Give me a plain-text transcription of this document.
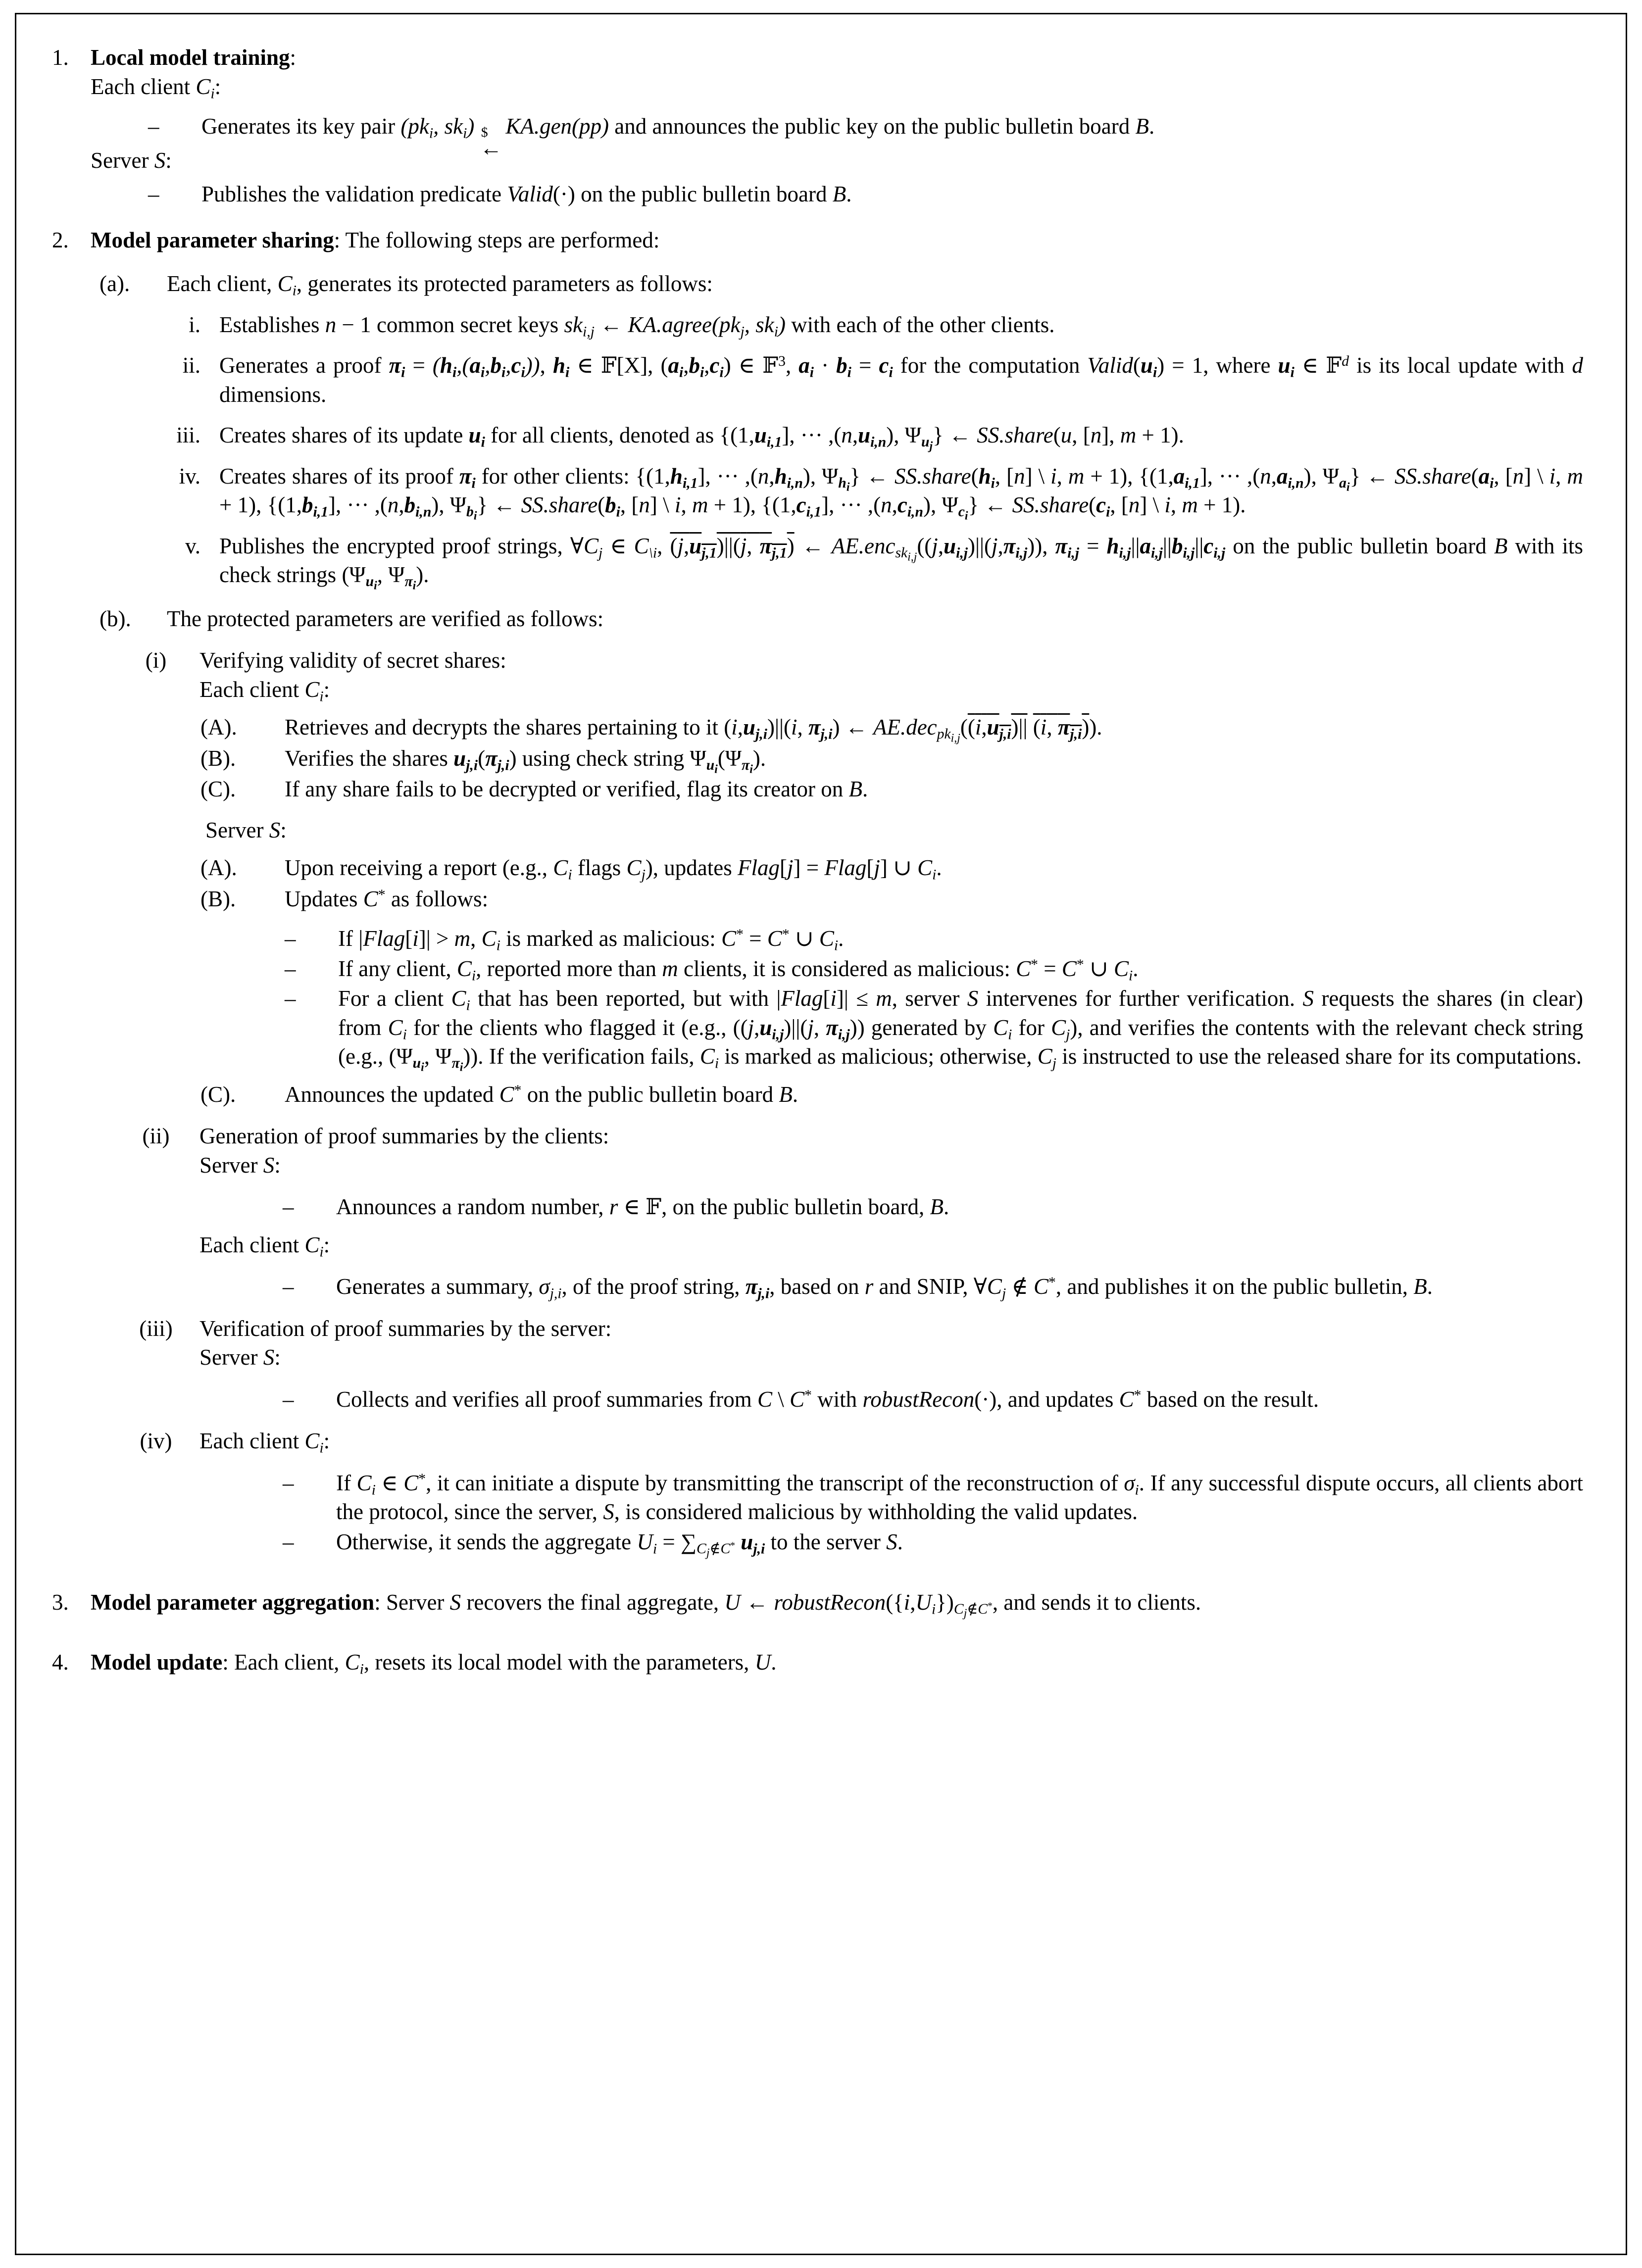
1. Local model training:
Each client $C_i$:
–	Generates its key pair ($pk_i$, $sk_i$) $
←
KA.gen(pp) and announces the public key on the public bulletin board B.
Server S:
–	Publishes the validation predicate Valid(·) on the public bulletin board B.
2. Model parameter sharing: The following steps are performed:
(a).	Each client, $C_i$, generates its protected parameters as follows:
i. Establishes n − 1 common secret keys $sk_{i,j}$ ← $KA.agree(pk_j$, $sk_i$) with each of the other clients.
ii. Generates a proof $\pi_i = (h_i,(a_i,b_i,c_i))$, $h_i$ ∈ 𝔽[X], $(a_i,b_i,c_i)$ ∈ 𝔽$^3$, $a_i \cdot b_i = c_i$ for the computation $Valid(u_i) = 1$, where $u_i$ ∈ 𝔽$^d$ is its local update with d dimensions.
iii. Creates shares of its update $u_i$ for all clients, denoted as {$(1,u_{i,1}]$, ··· $,(n,u_{i,n})$, $\Psi_{u_j}$} ← SS.share(u, [n], m + 1).
iv. Creates shares of its proof $\pi_i$ for other clients: {$(1,h_{i,1}]$, ··· $,(n,h_{i,n})$, $\Psi_{h_i}$} ← $SS.share(h_i$, [n] \ i, m + 1), {$(1,a_{i,1}]$, ··· $,(n,a_{i,n})$, $\Psi_{a_i}$} ← $SS.share(a_i$, [n] \ i, m + 1), {$(1,b_{i,1}]$, ··· $,(n,b_{i,n})$, $\Psi_{b_i}$} ← $SS.share(b_i$, [n] \ i, m + 1), {$(1,c_{i,1}]$, ··· $,(n,c_{i,n})$, $\Psi_{c_i}$} ← $SS.share(c_i$, [n] \ i, m + 1).
v. Publishes the encrypted proof strings, $\forall C_j$ ∈ $C_{\backslash i}$, $(j,u_{j,1})||(j$, $\pi_{j,1}$) ← $AE.enc_{sk_{i,j}}((j,u_{i,j})||(j,\pi_{i,j}))$, $\pi_{i,j} = h_{i,j}||a_{i,j}||b_{i,j}||c_{i,j}$ on the public bulletin board B with its check strings ($\Psi_{u_i}$, $\Psi_{\pi_i}$).
(b).	The protected parameters are verified as follows:
(i)	Verifying validity of secret shares:
Each client $C_i$:
(A).	Retrieves and decrypts the shares pertaining to it $(i,u_{j,i})||(i$, $\pi_{j,i}$) ← $AE.dec_{pk_{i,j}}((i,u_{j,i})||$ (i, $\pi_{j,i}$)).
(B).	Verifies the shares $u_{j,i}(\pi_{j,i})$ using check string $\Psi_{u_i}(\Psi_{\pi_i})$.
(C).	If any share fails to be decrypted or verified, flag its creator on B.
Server S:
(A).	Upon receiving a report (e.g., $C_i$ flags $C_j$), updates Flag[j] = Flag[j] ∪ $C_i$.
(B).	Updates C* as follows:
–	If |Flag[i]| > m, $C_i$ is marked as malicious: C* = C* ∪ $C_i$.
–	If any client, $C_i$, reported more than m clients, it is considered as malicious: C* = C* ∪ $C_i$.
–	For a client $C_i$ that has been reported, but with |Flag[i]| ≤ m, server S intervenes for further verification. S requests the shares (in clear) from $C_i$ for the clients who flagged it (e.g., ($(j,u_{i,j})||(j$, $\pi_{i,j}$)) generated by $C_i$ for $C_j$), and verifies the contents with the relevant check string (e.g., ($\Psi_{u_i}$, $\Psi_{\pi_i}$)). If the verification fails, $C_i$ is marked as malicious; otherwise, $C_j$ is instructed to use the released share for its computations.
(C).	Announces the updated C* on the public bulletin board B.
(ii)	Generation of proof summaries by the clients:
Server S:
–	Announces a random number, r ∈ 𝔽, on the public bulletin board, B.
Each client $C_i$:
–	Generates a summary, $\sigma_{j,i}$, of the proof string, $\pi_{j,i}$, based on r and SNIP, $\forall C_j$ ∉ C*, and publishes it on the public bulletin, B.
(iii)	Verification of proof summaries by the server:
Server S:
–	Collects and verifies all proof summaries from C \ C* with robustRecon(·), and updates C* based on the result.
(iv)	Each client $C_i$:
–	If $C_i$ ∈ C*, it can initiate a dispute by transmitting the transcript of the reconstruction of $\sigma_i$. If any successful dispute occurs, all clients abort the protocol, since the server, S, is considered malicious by withholding the valid updates.
–	Otherwise, it sends the aggregate $U_i = \sum_{C_j\notin C^*}$ $u_{j,i}$ to the server S.
3. Model parameter aggregation: Server S recovers the final aggregate, U ← $robustRecon(\{i,U_i\})_{C_j\notin C^*}$, and sends it to clients.
4. Model update: Each client, $C_i$, resets its local model with the parameters, U.
